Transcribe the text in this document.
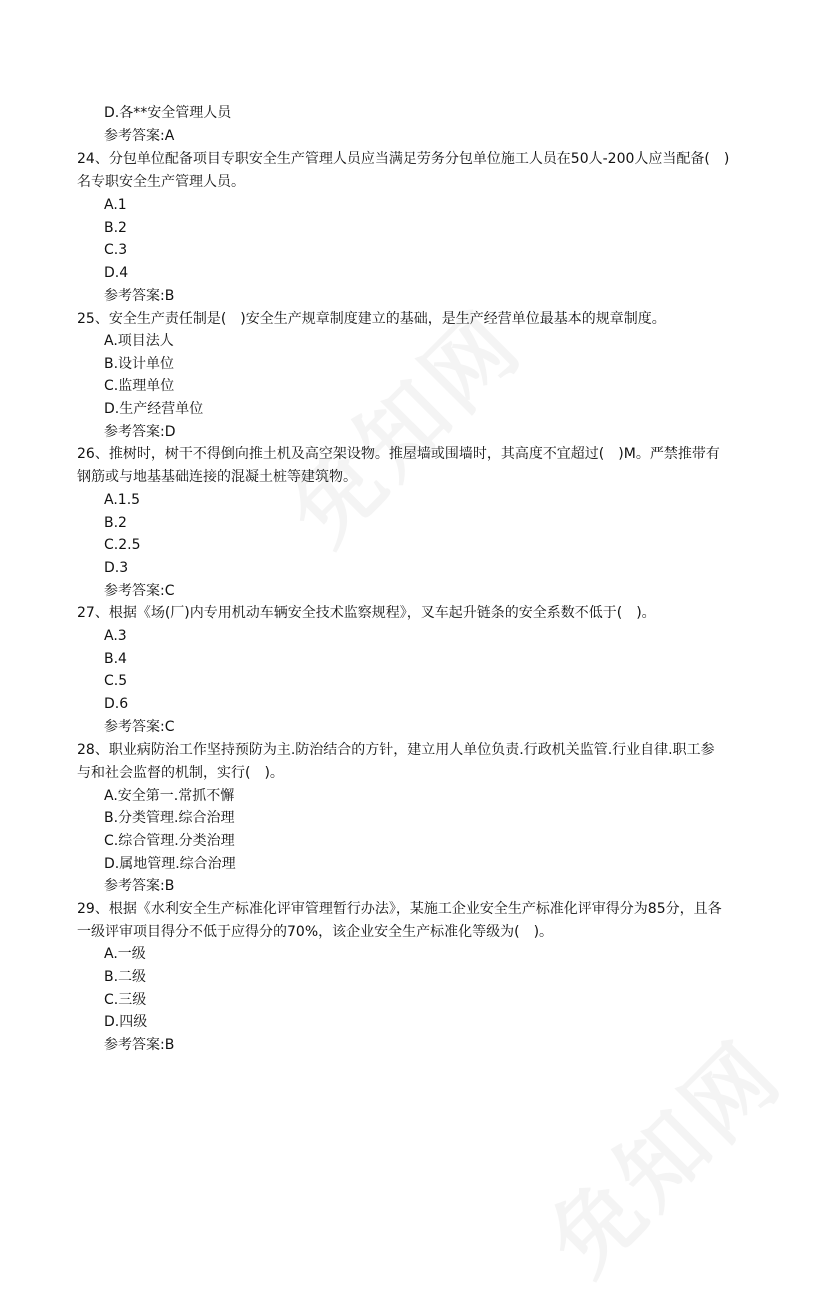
D.各**安全管理人员
参考答案:A
24、分包单位配备项目专职安全生产管理人员应当满足劳务分包单位施工人员在50人-200人应当配备(　)
名专职安全生产管理人员。
A.1
B.2
C.3
D.4
参考答案:B
25、安全生产责任制是(　)安全生产规章制度建立的基础，是生产经营单位最基本的规章制度。
A.项目法人
B.设计单位
C.监理单位
D.生产经营单位
参考答案:D
26、推树时，树干不得倒向推土机及高空架设物。推屋墙或围墙时，其高度不宜超过(　)M。严禁推带有
钢筋或与地基基础连接的混凝土桩等建筑物。
A.1.5
B.2
C.2.5
D.3
参考答案:C
27、根据《场(厂)内专用机动车辆安全技术监察规程》，叉车起升链条的安全系数不低于(　)。
A.3
B.4
C.5
D.6
参考答案:C
28、职业病防治工作坚持预防为主.防治结合的方针，建立用人单位负责.行政机关监管.行业自律.职工参
与和社会监督的机制，实行(　)。
A.安全第一.常抓不懈
B.分类管理.综合治理
C.综合管理.分类治理
D.属地管理.综合治理
参考答案:B
29、根据《水利安全生产标准化评审管理暂行办法》，某施工企业安全生产标准化评审得分为85分，且各
一级评审项目得分不低于应得分的70%，该企业安全生产标准化等级为(　)。
A.一级
B.二级
C.三级
D.四级
参考答案:B
